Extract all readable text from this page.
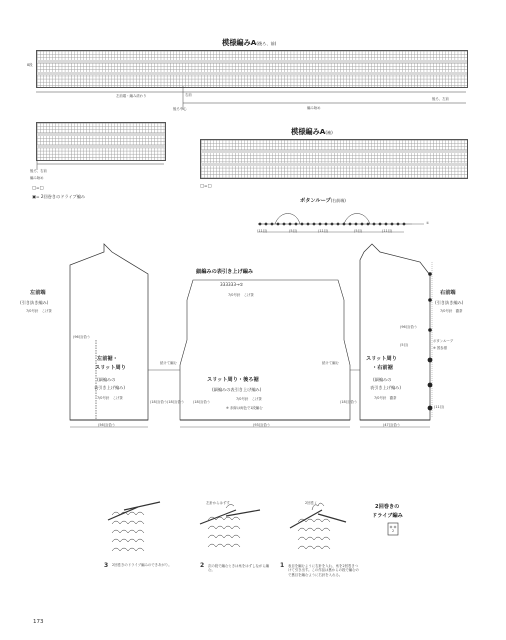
模様編みA(後ろ、前)
8段
左前端・編み終わり	右前
後ろ、左前
後ろ中心	編み始め
後ろ、右前
編み始め
□=□
▣= 2回巻きのドライブ編み
模様編みA(袖)
□=□
ボタンループ(右前端)
(11目)	(5目)	(11目)	(5目)	(11目)
①
左前端
(引き抜き編み)
7/0号針　こげ茶
(96目)拾う
左前裾・
スリット周り
(細編みの
表引き上げ編み)
7/0号針　こげ茶
(18目)拾う (18目)拾う
(56目)拾う
細編みの表引き上げ編み
333333→①
7/0号針　こげ茶
続けて編む	続けて編む
スリット周り・後ろ裾
(細編みの表引き上げ編み)
7/0号針　こげ茶
※ 赤線は両色で1段編む
(18目)拾う	(18目)拾う
(93目)拾う
右前端
(引き抜き編み)
7/0号針　濃茶
(96目)拾う
(5目)
ボタンループ
※ 図参照
スリット周り
・右前裾
(細編みの
表引き上げ編み)
7/0号針　濃茶
(11目)
(47目)拾う
3 2回巻きのドライブ編みのできあがり。
左針からはずす
2 次の段で編むときは糸をはずしながら編む。
2回巻く
1 表目を編むように右針を入れ、糸を2回巻きつけて引き出す。この作品は裏からの段で編むので裏目を編むように右針を入れる。
2回巻きの
ドライブ編み
2
173
